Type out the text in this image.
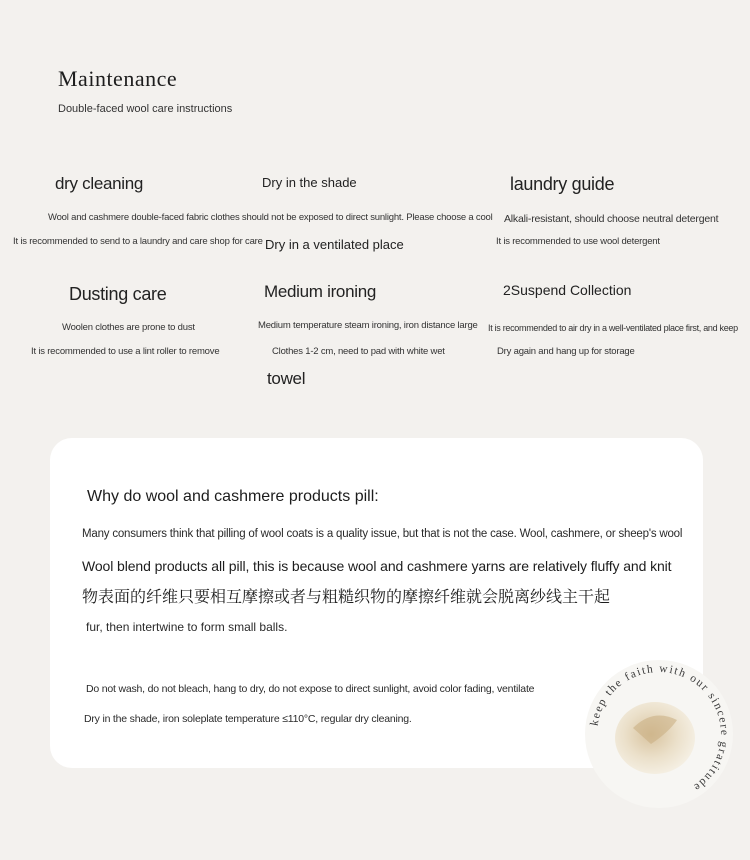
Maintenance
Double-faced wool care instructions
dry cleaning
Wool and cashmere double-faced fabric clothes should not be exposed to direct sunlight. Please choose a cool
It is recommended to send to a laundry and care shop for care
Dry in the shade
Dry in a ventilated place
laundry guide
Alkali-resistant, should choose neutral detergent
It is recommended to use wool detergent
Dusting care
Woolen clothes are prone to dust
It is recommended to use a lint roller to remove
Medium ironing
Medium temperature steam ironing, iron distance large
Clothes 1-2 cm, need to pad with white wet
towel
2Suspend Collection
It is recommended to air dry in a well-ventilated place first, and keep
Dry again and hang up for storage
Why do wool and cashmere products pill:
Many consumers think that pilling of wool coats is a quality issue, but that is not the case. Wool, cashmere, or sheep's wool
Wool blend products all pill, this is because wool and cashmere yarns are relatively fluffy and knit
物表面的纤维只要相互摩擦或者与粗糙织物的摩擦纤维就会脱离纱线主干起
fur, then intertwine to form small balls.
Do not wash, do not bleach, hang to dry, do not expose to direct sunlight, avoid color fading, ventilate
Dry in the shade, iron soleplate temperature ≤110°C, regular dry cleaning.	keep the faith with our sincere gratitude
